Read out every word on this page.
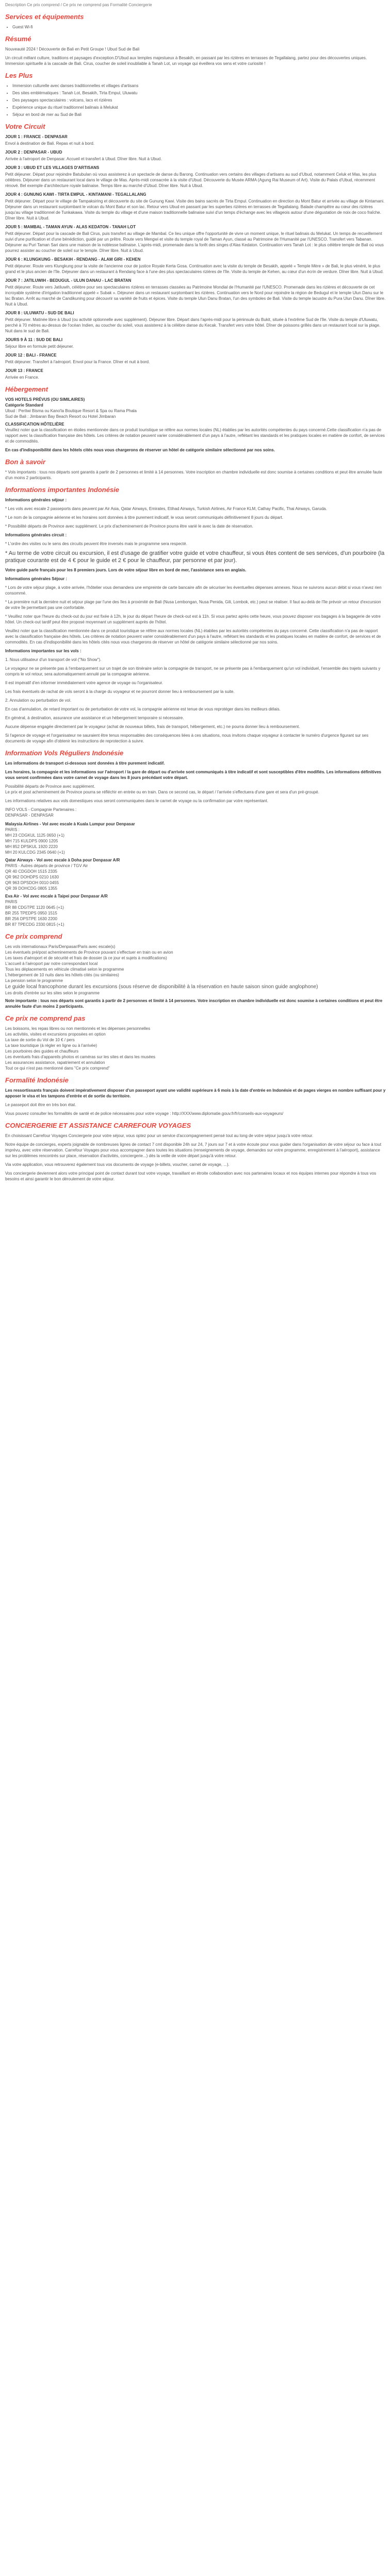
Description Ce prix comprend / Ce prix ne comprend pas Formalité Conciergerie

Services et équipements
• Guest Wi-fi
Résumé

Nouveauté 2024 ! Découverte de Bali en Petit Groupe ! Ubud Sud de Bali

Un circuit mêlant culture, traditions et paysages d'exception.D'Ubud aux temples majestueux à Besakih, en passant par les rizières en terrasses de Tegallalang, partez pour des découvertes uniques. Immersion spirituelle à la cascade de Bali. Cirus, coucher de soleil inoubliable à Tanah Lot, un voyage qui éveillera vos sens et votre curiosité !

Les Plus
• Immersion culturelle avec danses traditionnelles et villages d'artisans
• Des sites emblématiques : Tanah Lot, Besakih, Tirta Empul, Uluwatu
• Des paysages spectaculaires : volcans, lacs et rizières
• Expérience unique du rituel traditionnel balinais à Melukat
• Séjour en bord de mer au Sud de Bali
Votre Circuit

JOUR 1 : FRANCE - DENPASAR

Envol à destination de Bali. Repas et nuit à bord.

JOUR 2 : DENPASAR - UBUD

Arrivée à l'aéroport de Denpasar. Accueil et transfert à Ubud. Dîner libre. Nuit à Ubud.

JOUR 3 : UBUD ET LES VILLAGES D'ARTISANS

Petit déjeuner. Départ pour rejoindre Batubulan où vous assisterez à un spectacle de danse du Barong. Continuation vers certains des villages d'artisans au sud d'Ubud, notamment Celuk et Mas, les plus célèbres. Déjeuner dans un restaurant local dans le village de Mas. Après-midi consacrée à la visite d'Ubud. Découverte du Musée ARMA (Agung Rai Museum of Art). Visite du Palais d'Ubud, récemment rénové. Bel exemple d'architecture royale balinaise. Temps libre au marché d'Ubud. Dîner libre. Nuit à Ubud.

JOUR 4 : GUNUNG KAWI - TIRTA EMPUL - KINTAMANI - TEGALLALANG

Petit déjeuner. Départ pour le village de Tampaksiring et découverte du site de Gunung Kawi. Visite des bains sacrés de Tirta Empul. Continuation en direction du Mont Batur et arrivée au village de Kintamani. Déjeuner dans un restaurant surplombant le volcan du Mont Batur et son lac. Retour vers Ubud en passant par les superbes rizières en terrasses de Tegallalang. Balade champêtre au cœur des rizières jusqu'au village traditionnel de Tunkakawa. Visite du temple du village et d'une maison traditionnelle balinaise suivi d'un temps d'échange avec les villageois autour d'une dégustation de noix de coco fraîche. Dîner libre. Nuit à Ubud.

JOUR 5 : MAMBAL - TAMAN AYUN - ALAS KEDATON - TANAH LOT

Petit déjeuner. Départ pour la cascade de Bali Cirus, puis transfert au village de Mambal. Ce lieu unique offre l'opportunité de vivre un moment unique, le rituel balinais du Melukat. Un temps de recueillement suivi d'une purification et d'une bénédiction, guidé par un prêtre. Route vers Mengwi et visite du temple royal de Taman Ayun, classé au Patrimoine de l'Humanité par l'UNESCO. Transfert vers Tabanan. Déjeuner au Puri Taman Sari dans une maison de la noblesse balinaise. L'après-midi, promenade dans la forêt des singes d'Alas Kedaton. Continuation vers Tanah Lot : le plus célèbre temple de Bali où vous pourrez assister au coucher de soleil sur le temple. Dîner libre. Nuit à Ubud.

JOUR 6 : KLUNGKUNG - BESAKIH - RENDANG - ALAM GIRI - KEHEN

Petit déjeuner. Route vers Klungkung pour la visite de l'ancienne cour de justice Royale Kerta Gosa. Continuation avec la visite du temple de Besakih, appelé « Temple Mère » de Bali, le plus vénéré, le plus grand et le plus ancien de l'île. Déjeuner dans un restaurant à Rendang face à l'une des plus spectaculaires rizières de l'île. Visite du temple de Kehen, au cœur d'un écrin de verdure. Dîner libre. Nuit à Ubud.

JOUR 7 : JATILUWIH - BEDUGUL - ULUN DANAU - LAC BRATAN

Petit déjeuner. Route vers Jatiluwih, célèbre pour ses spectaculaires rizières en terrasses classées au Patrimoine Mondial de l'Humanité par l'UNESCO. Promenade dans les rizières et découverte de cet incroyable système d'irrigation traditionnel appelé « Subak ». Déjeuner dans un restaurant surplombant les rizières. Continuation vers le Nord pour rejoindre la région de Bedugul et le temple Ulun Danu sur le lac Bratan. Arrêt au marché de Candikuning pour découvrir sa variété de fruits et épices. Visite du temple Ulun Danu Bratan, l'un des symboles de Bali. Visite du temple lacustre du Pura Ulun Danu. Dîner libre. Nuit à Ubud.

JOUR 8 : ULUWATU - SUD DE BALI

Petit déjeuner. Matinée libre à Ubud (ou activité optionnelle avec supplément). Déjeuner libre. Départ dans l'après-midi pour la péninsule du Bukit, située à l'extrême Sud de l'île. Visite du temple d'Uluwatu, perché à 70 mètres au-dessus de l'océan Indien, au coucher du soleil, vous assisterez à la célèbre danse du Kecak. Transfert vers votre hôtel. Dîner de poissons grillés dans un restaurant local sur la plage. Nuit dans le sud de Bali.

JOURS 9 À 11 : SUD DE BALI

Séjour libre en formule petit déjeuner.

JOUR 12 : BALI - FRANCE

Petit déjeuner. Transfert à l'aéroport. Envol pour la France. Dîner et nuit à bord.

JOUR 13 : FRANCE

Arrivée en France.

Hébergement

VOS HOTELS PRÉVUS (OU SIMILAIRES)

Catégorie Standard

Ubud : Pertiwi Bisma ou Kano'la Boutique Resort & Spa ou Rama Phala

Sud de Bali : Jimbaran Bay Beach Resort ou Hotel Jimbaran

CLASSIFICATION HÔTELIÈRE

Veuillez noter que la classification en étoiles mentionnée dans ce produit touristique se réfère aux normes locales (NL) établies par les autorités compétentes du pays concerné.Cette classification n'a pas de rapport avec la classification française des hôtels. Les critères de notation peuvent varier considérablement d'un pays à l'autre, reflétant les standards et les pratiques locales en matière de confort, de services et de commodités.

En cas d'indisponibilité dans les hôtels cités nous vous chargerons de réserver un hôtel de catégorie similaire sélectionné par nos soins.

Bon à savoir

* Vols importants : tous nos départs sont garantis à partir de 2 personnes et limité à 14 personnes. Votre inscription en chambre individuelle est donc soumise à certaines conditions et peut être annulée faute d'un moins 2 participants.

Informations importantes Indonésie

Informations générales séjour :

* Les vols avec escale 2 passeports dans peuvent par Air Asia, Qatar Airways, Emirates, Etihad Airways, Turkish Airlines, Air France KLM, Cathay Pacific, Thai Airways, Garuda.

* Le nom de la compagnie aérienne et les horaires sont données à titre purement indicatif, le vous seront communiqués définitivement 8 jours du départ.

* Possibilité départs de Province avec supplément. Le prix d'acheminement de Province pourra être varié le avec la date de réservation.

Informations générales circuit :

* L'ordre des visites ou le sens des circuits peuvent être inversés mais le programme sera respecté.

* Au terme de votre circuit ou excursion, il est d'usage de gratifier votre guide et votre chauffeur, si vous êtes content de ses services, d'un pourboire (la pratique courante est de 4 € pour le guide et 2 € pour le chauffeur, par personne et par jour).

Votre guide parle français pour les 8 premiers jours. Lors de votre séjour libre en bord de mer, l'assistance sera en anglais.

Informations générales Séjour :

* Lors de votre séjour plage, à votre arrivée, l'hôtelier vous demandera une empreinte de carte bancaire afin de sécuriser les éventuelles dépenses annexes. Nous ne suivrons aucun débit si vous n'avez rien consommé.

* La première nuit la dernière nuit et séjour plage par l'une des îles à proximité de Bali (Nusa Lembongan, Nusa Penida, Gili, Lombok, etc.) peut se réaliser. Il faut au-delà de l'île prévoir un retour d'excursion de votre île permettant pas une confortable.

* Veuillez noter que l'heure du check-out du jour est fixée à 12h, le jour du départ l'heure de check-out est à 11h. Si vous partez après cette heure, vous pouvez disposer vos bagages à la bagagerie de votre hôtel. Un check-out tardif peut être proposé moyennant un supplément auprès de l'hôtel.

Veuillez noter que la classification mentionnée dans ce produit touristique se réfère aux normes locales (NL) établies par les autorités compétentes du pays concerné. Cette classification n'a pas de rapport avec la classification française des hôtels. Les critères de notation peuvent varier considérablement d'un pays à l'autre, reflétant les standards et les pratiques locales en matière de confort, de services et de commodités. En cas d'indisponibilité dans les hôtels cités nous vous chargerons de réserver un hôtel de catégorie similaire sélectionné par nos soins.

Informations importantes sur les vols :

1. Nous utilisateur d'un transport de vol ("No Show").

Le voyageur ne se présente pas à l'embarquement sur un trajet de son itinéraire selon la compagnie de transport, ne se présente pas à l'embarquement qu'un vol individuel, l'ensemble des trajets suivants y compris le vol retour, sera automatiquement annulé par la compagnie aérienne.

Il est impératif d'en informer immédiatement votre agence de voyage ou l'organisateur.

Les frais éventuels de rachat de vols seront à la charge du voyageur et ne pourront donner lieu à remboursement par la suite.

2. Annulation ou perturbation de vol.

En cas d'annulation, de retard important ou de perturbation de votre vol, la compagnie aérienne est tenue de vous reprotéger dans les meilleurs délais.

En général, à destination, assurance une assistance et un hébergement temporaire si nécessaire.

Aucune dépense engagée directement par le voyageur (achat de nouveaux billets, frais de transport, hébergement, etc.) ne pourra donner lieu à remboursement.

Si l'agence de voyage et l'organisateur ne sauraient être tenus responsables des conséquences liées à ces situations, nous invitons chaque voyageur à contacter le numéro d'urgence figurant sur ses documents de voyage afin d'obtenir les instructions de reprotection à suivre.

Information Vols Réguliers Indonésie

Les informations de transport ci-dessous sont données à titre purement indicatif.

Les horaires, la compagnie et les informations sur l'aéroport / la gare de départ ou d'arrivée sont communiqués à titre indicatif et sont susceptibles d'être modifiés. Les informations définitives vous seront confirmées dans votre carnet de voyage dans les 8 jours précédant votre départ.

Possibilité départs de Province avec supplément.

Le prix et post acheminement de Province pourra se réfléchir en entrée ou en train. Dans ce second cas, le départ / l'arrivée s'effectuera d'une gare et sera d'un pré-groupé.

Les informations relatives aux vols domestiques vous seront communiquées dans le carnet de voyage ou la confirmation par votre représentant.

INFO VOLS - Compagnie Partenaires :

DENPASAR - DENPASAR

Malaysia Airlines - Vol avec escale à Kuala Lumpur pour Denpasar

PARIS :

MH 23 CDGKUL 1125 0650 (+1)

MH 715 KULDPS 0900 1205

MH 852 DPSKUL 1920 2220

MH 20 KULCDG 2345 0640 (+1)

Qatar Airways - Vol avec escale à Doha pour Denpasar A/R

PARIS - Autres départs de province / TGV Air

QR 40 CDGDOH 1515 2335

QR 962 DOHDPS 0210 1630

QR 963 DPSDOH 0010 0455

QR 39 DOHCDG 0805 1355

Eva Air - Vol avec escale à Taipei pour Denpasar A/R

PARIS

BR 88 CDGTPE 1120 0645 (+1)

BR 255 TPEDPS 0950 1515

BR 256 DPSTPE 1630 2200

BR 87 TPECDG 2330 0815 (+1)

Ce prix comprend

Les vols internationaux Paris/Denpasar/Paris avec escale(s)

Les éventuels pré/post acheminements de Province pouvant s'effectuer en train ou en avion

Les taxes d'aéroport et de sécurité et frais de dossier (à ce jour et sujets à modifications)

L'accueil à l'aéroport par notre correspondant local

Tous les déplacements en véhicule climatisé selon le programme

L'hébergement de 10 nuits dans les hôtels cités (ou similaires)

La pension selon le programme

Le guide local francophone durant les excursions (sous réserve de disponibilité à la réservation en haute saison sinon guide anglophone)

Les droits d'entrée sur les sites selon le programme

Note importante : tous nos départs sont garantis à partir de 2 personnes et limité à 14 personnes. Votre inscription en chambre individuelle est donc soumise à certaines conditions et peut être annulée faute d'un moins 2 participants.

Ce prix ne comprend pas

Les boissons, les repas libres ou non mentionnés et les dépenses personnelles

Les activités, visites et excursions proposées en option

La taxe de sortie du Vol de 10 € / pers

La taxe touristique (à régler en ligne ou à l'arrivée)

Les pourboires des guides et chauffeurs

Les éventuels frais d'appareils photos et caméras sur les sites et dans les musées

Les assurances assistance, rapatriement et annulation

Tout ce qui n'est pas mentionné dans "Ce prix comprend"

Formalité Indonésie

Les ressortissants français doivent impérativement disposer d'un passeport ayant une validité supérieure à 6 mois à la date d'entrée en Indonésie et de pages vierges en nombre suffisant pour y apposer le visa et les tampons d'entrée et de sortie du territoire.

Le passeport doit être en très bon état.

Vous pouvez consulter les formalités de santé et de police nécessaires pour votre voyage : http://XXX/www.diplomatie.gouv.fr/fr/conseils-aux-voyageurs/

CONCIERGERIE ET ASSISTANCE CARREFOUR VOYAGES

En choisissant Carrefour Voyages Conciergerie pour votre séjour, vous optez pour un service d'accompagnement pensé tout au long de votre séjour jusqu'à votre retour.

Notre équipe de concierges, experts joignable de nombreuses lignes de contact 7 cmt disponible 24h sur 24, 7 jours sur 7 et à votre écoute pour vous guider dans l'organisation de votre séjour ou face à tout imprévu, avec votre réservation. Carrefour Voyages pour vous accompagner dans toutes les situations (renseignements de voyage, demandes sur votre programme, enregistrement à l'aéroport), assistance sur les problèmes rencontrés sur place, réservation d'activités, conciergerie...) dès la veille de votre départ jusqu'à votre retour.

Via votre application, vous retrouverez également tous vos documents de voyage (e-billets, voucher, carnet de voyage, ...).

Vos conciergerie deviennent alors votre principal point de contact durant tout votre voyage, travaillant en étroite collaboration avec nos partenaires locaux et nos équipes internes pour répondre à tous vos besoins et ainsi garantir le bon déroulement de votre séjour.
